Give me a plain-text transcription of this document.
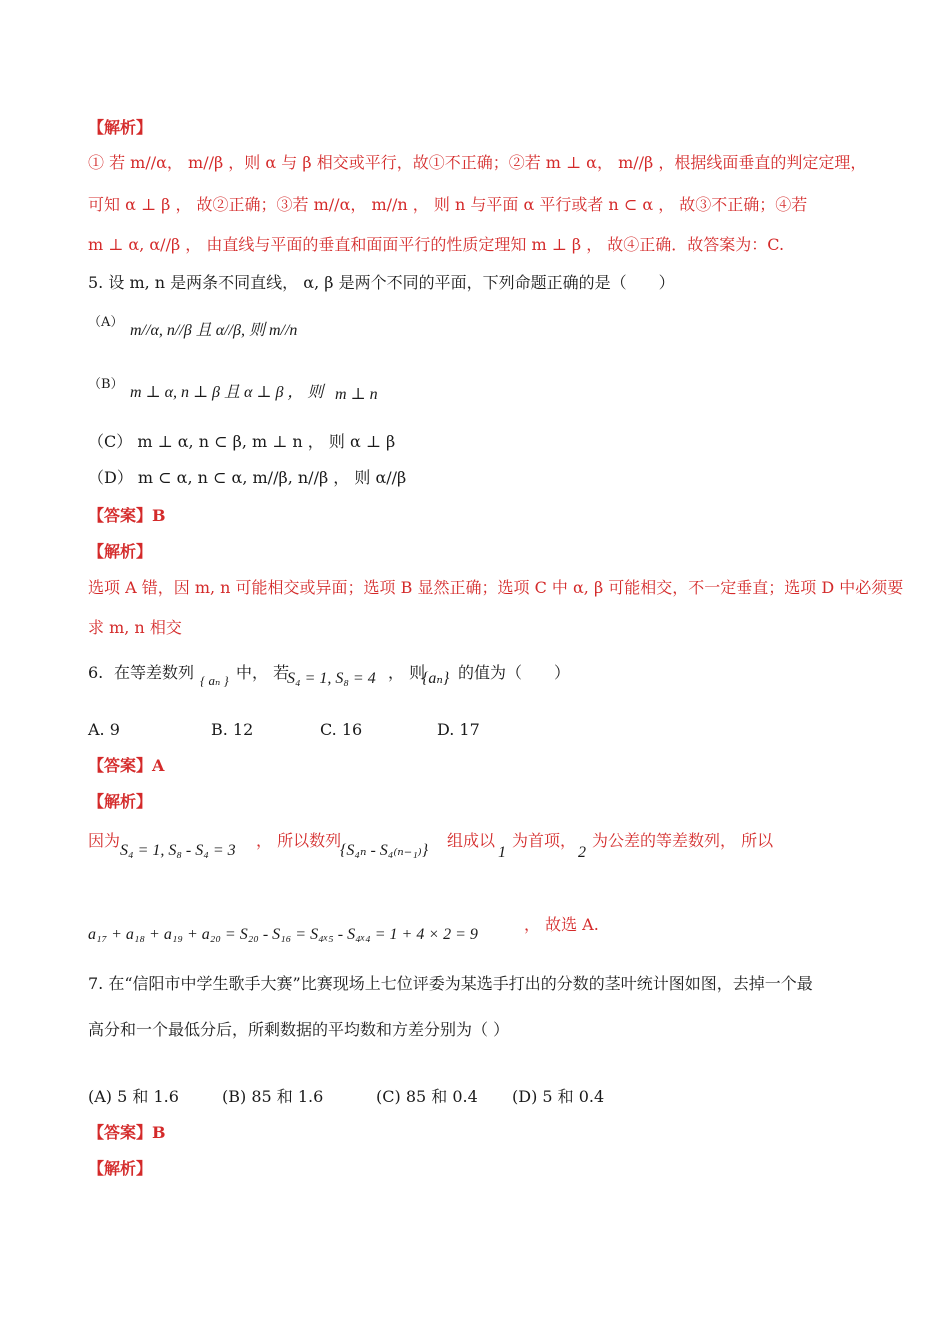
【解析】
① 若 m//α， m//β ，则 α 与 β 相交或平行，故①不正确；②若 m ⊥ α， m//β ，根据线面垂直的判定定理，
可知 α ⊥ β ， 故②正确；③若 m//α， m//n ， 则 n 与平面 α 平行或者 n ⊂ α ， 故③不正确；④若
m ⊥ α, α//β ， 由直线与平面的垂直和面面平行的性质定理知 m ⊥ β ， 故④正确．故答案为：C.
5. 设 m, n 是两条不同直线， α, β 是两个不同的平面，下列命题正确的是（　　）
（A） m//α, n//β 且 α//β, 则 m//n
（B） m ⊥ α, n ⊥ β 且 α ⊥ β ， 则 m ⊥ n
（C） m ⊥ α, n ⊂ β, m ⊥ n ， 则 α ⊥ β
（D） m ⊂ α, n ⊂ α, m//β, n//β ， 则 α//β
【答案】B
【解析】
选项 A 错，因 m, n 可能相交或异面；选项 B 显然正确；选项 C 中 α, β 可能相交，不一定垂直；选项 D 中必须要
求 m, n 相交
6. 在等差数列 { aₙ } 中， 若
S₄ = 1, S₈ = 4 ， 则
{aₙ} 的值为（　　）
A. 9	B. 12	C. 16	D. 17
【答案】A
【解析】
因为
S₄ = 1, S₈ - S₄ = 3
， 所以数列
{S₄ₙ - S₄₍ₙ₋₁₎}
组成以
1
为首项，
2
为公差的等差数列， 所以
a₁₇ + a₁₈ + a₁₉ + a₂₀ = S₂₀ - S₁₆ = S₄ₓ₅ - S₄ₓ₄ = 1 + 4 × 2 = 9
， 故选 A.
7. 在“信阳市中学生歌手大赛”比赛现场上七位评委为某选手打出的分数的茎叶统计图如图，去掉一个最
高分和一个最低分后，所剩数据的平均数和方差分别为（ ）
(A) 5 和 1.6	(B) 85 和 1.6	(C) 85 和 0.4 (D) 5 和 0.4
【答案】B
【解析】
